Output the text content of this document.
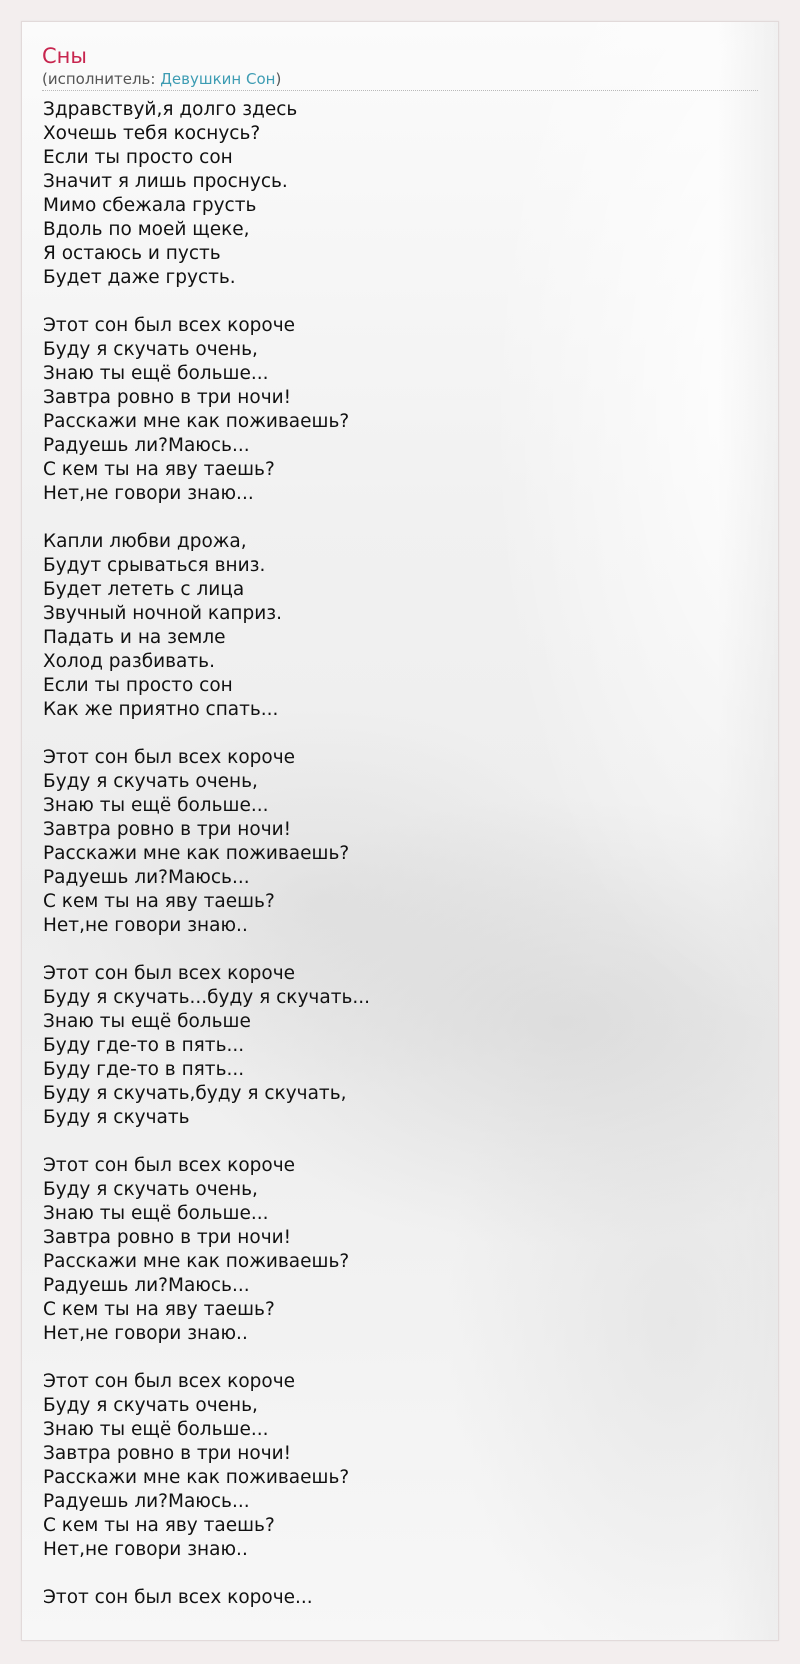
Сны
(исполнитель: Девушкин Сон)
Здравствуй,я долго здесь
Хочешь тебя коснусь?
Если ты просто сон
Значит я лишь проснусь.
Мимо сбежала грусть
Вдоль по моей щеке,
Я остаюсь и пусть
Будет даже грусть.
Этот сон был всех короче
Буду я скучать очень,
Знаю ты ещё больше...
Завтра ровно в три ночи!
Расскажи мне как поживаешь?
Радуешь ли?Маюсь...
С кем ты на яву таешь?
Нет,не говори знаю...
Капли любви дрожа,
Будут срываться вниз.
Будет лететь с лица
Звучный ночной каприз.
Падать и на земле
Холод разбивать.
Если ты просто сон
Как же приятно спать...
Этот сон был всех короче
Буду я скучать очень,
Знаю ты ещё больше...
Завтра ровно в три ночи!
Расскажи мне как поживаешь?
Радуешь ли?Маюсь...
С кем ты на яву таешь?
Нет,не говори знаю..
Этот сон был всех короче
Буду я скучать...буду я скучать...
Знаю ты ещё больше
Буду где-то в пять...
Буду где-то в пять...
Буду я скучать,буду я скучать,
Буду я скучать
Этот сон был всех короче
Буду я скучать очень,
Знаю ты ещё больше...
Завтра ровно в три ночи!
Расскажи мне как поживаешь?
Радуешь ли?Маюсь...
С кем ты на яву таешь?
Нет,не говори знаю..
Этот сон был всех короче
Буду я скучать очень,
Знаю ты ещё больше...
Завтра ровно в три ночи!
Расскажи мне как поживаешь?
Радуешь ли?Маюсь...
С кем ты на яву таешь?
Нет,не говори знаю..
Этот сон был всех короче...
